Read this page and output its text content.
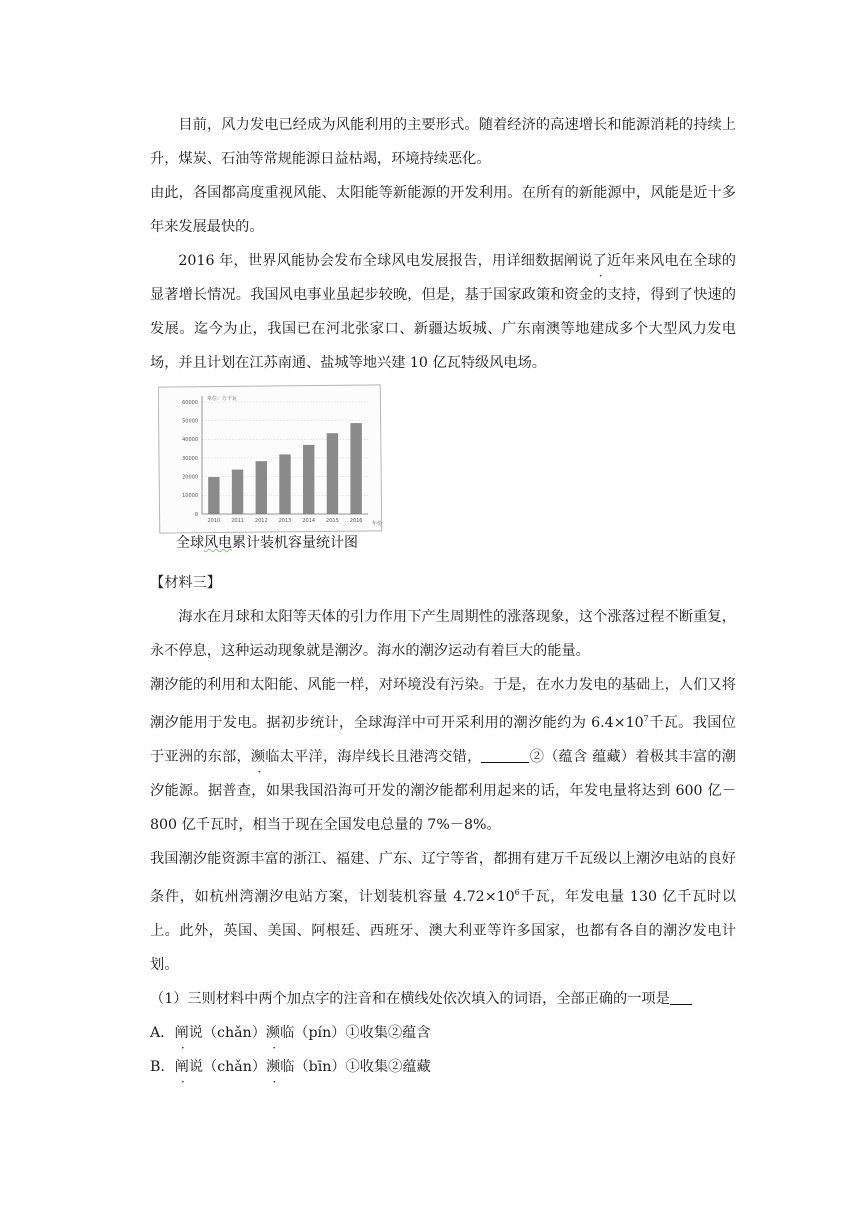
目前，风力发电已经成为风能利用的主要形式。随着经济的高速增长和能源消耗的持续上升，煤炭、石油等常规能源日益枯竭，环境持续恶化。

由此，各国都高度重视风能、太阳能等新能源的开发利用。在所有的新能源中，风能是近十多年来发展最快的。

2016 年，世界风能协会发布全球风电发展报告，用详细数据阐 ·说了近年来风电在全球的显著增长情况。我国风电事业虽起步较晚，但是，基于国家政策和资金的支持，得到了快速的发展。迄今为止，我国已在河北张家口、新疆达坂城、广东南澳等地建成多个大型风力发电场，并且计划在江苏南通、盐城等地兴建 10 亿瓦特级风电场。

0
10000
20000
30000
40000
50000
60000
2010 2011 2012 2013 2014 2015 2016
单位：万千瓦
年份
全球风电累计装机容量统计图

【材料三】

海水在月球和太阳等天体的引力作用下产生周期性的涨落现象，这个涨落过程不断重复，永不停息，这种运动现象就是潮汐。海水的潮汐运动有着巨大的能量。

潮汐能的利用和太阳能、风能一样，对环境没有污染。于是，在水力发电的基础上，人们又将潮汐能用于发电。据初步统计，全球海洋中可开采利用的潮汐能约为 $6.4\times 10^7$千瓦。我国位于亚洲的东部，濒临太平洋，海岸线长且港湾交错，	②（蕴含 蕴藏）着极其丰富的潮汐能源。据普查，如果我国沿海可开发的潮汐能都利用起来的话，年发电量将达到 600 亿－800 亿千瓦时，相当于现在全国发电总量的 7%－8%。

我国潮汐能资源丰富的浙江、福建、广东、辽宁等省，都拥有建万千瓦级以上潮汐电站的良好条件，如杭州湾潮汐电站方案，计划装机容量 $4.72\times 10^6$千瓦，年发电量 130 亿千瓦时以上。此外，英国、美国、阿根廷、西班牙、澳大利亚等许多国家，也都有各自的潮汐发电计划。

（1）三则材料中两个加点字的注音和在横线处依次填入的词语，全部正确的一项是

A．阐说（chǎn）濒临（pín）①收集②蕴含

B．阐说（chǎn）濒临（bīn）①收集②蕴藏
